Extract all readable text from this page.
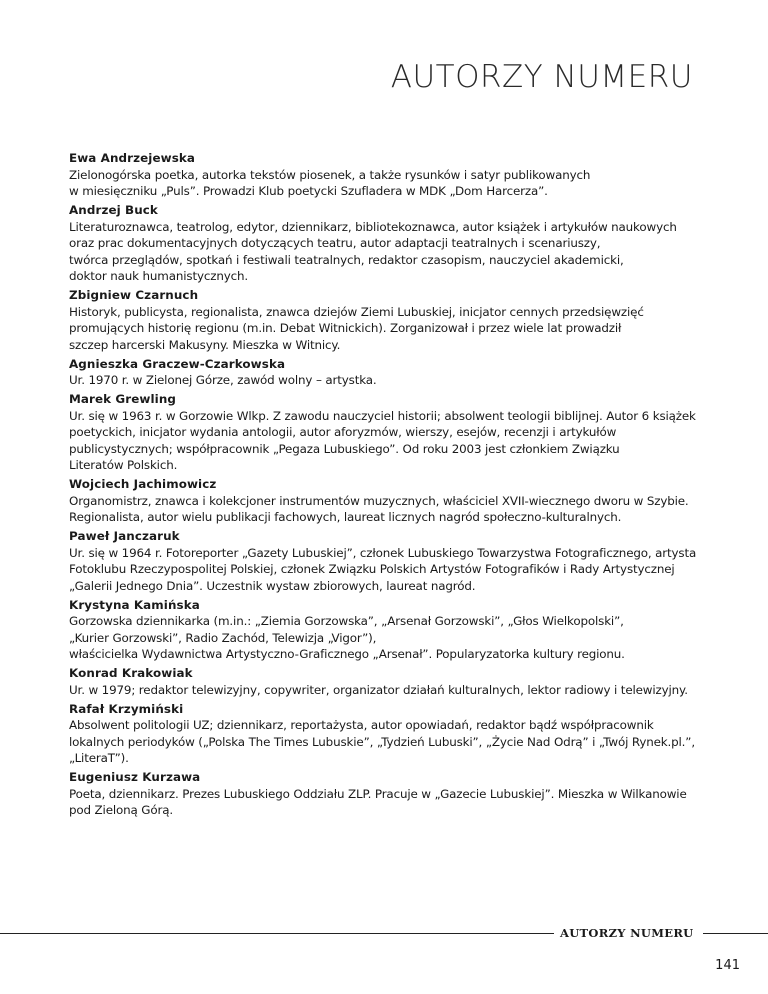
AUTORZY NUMERU
Ewa Andrzejewska
Zielonogórska poetka, autorka tekstów piosenek, a także rysunków i satyr publikowanych
w miesięczniku „Puls”. Prowadzi Klub poetycki Szufladera w MDK „Dom Harcerza”.
Andrzej Buck
Literaturoznawca, teatrolog, edytor, dziennikarz, bibliotekoznawca, autor książek i artykułów naukowych
oraz prac dokumentacyjnych dotyczących teatru, autor adaptacji teatralnych i scenariuszy,
twórca przeglądów, spotkań i festiwali teatralnych, redaktor czasopism, nauczyciel akademicki,
doktor nauk humanistycznych.
Zbigniew Czarnuch
Historyk, publicysta, regionalista, znawca dziejów Ziemi Lubuskiej, inicjator cennych przedsięwzięć
promujących historię regionu (m.in. Debat Witnickich). Zorganizował i przez wiele lat prowadził
szczep harcerski Makusyny. Mieszka w Witnicy.
Agnieszka Graczew-Czarkowska
Ur. 1970 r. w Zielonej Górze, zawód wolny – artystka.
Marek Grewling
Ur. się w 1963 r. w Gorzowie Wlkp. Z zawodu nauczyciel historii; absolwent teologii biblijnej. Autor 6 książek
poetyckich, inicjator wydania antologii, autor aforyzmów, wierszy, esejów, recenzji i artykułów
publicystycznych; współpracownik „Pegaza Lubuskiego”. Od roku 2003 jest członkiem Związku
Literatów Polskich.
Wojciech Jachimowicz
Organomistrz, znawca i kolekcjoner instrumentów muzycznych, właściciel XVII-wiecznego dworu w Szybie.
Regionalista, autor wielu publikacji fachowych, laureat licznych nagród społeczno-kulturalnych.
Paweł Janczaruk
Ur. się w 1964 r. Fotoreporter „Gazety Lubuskiej”, członek Lubuskiego Towarzystwa Fotograficznego, artysta
Fotoklubu Rzeczypospolitej Polskiej, członek Związku Polskich Artystów Fotografików i Rady Artystycznej
„Galerii Jednego Dnia”. Uczestnik wystaw zbiorowych, laureat nagród.
Krystyna Kamińska
Gorzowska dziennikarka (m.in.: „Ziemia Gorzowska”, „Arsenał Gorzowski”, „Głos Wielkopolski”,
„Kurier Gorzowski”, Radio Zachód, Telewizja „Vigor”),
właścicielka Wydawnictwa Artystyczno-Graficznego „Arsenał”. Popularyzatorka kultury regionu.
Konrad Krakowiak
Ur. w 1979; redaktor telewizyjny, copywriter, organizator działań kulturalnych, lektor radiowy i telewizyjny.
Rafał Krzymiński
Absolwent politologii UZ; dziennikarz, reportażysta, autor opowiadań, redaktor bądź współpracownik
lokalnych periodyków („Polska The Times Lubuskie”, „Tydzień Lubuski”, „Życie Nad Odrą” i „Twój Rynek.pl.”,
„LiteraT”).
Eugeniusz Kurzawa
Poeta, dziennikarz. Prezes Lubuskiego Oddziału ZLP. Pracuje w „Gazecie Lubuskiej”. Mieszka w Wilkanowie
pod Zieloną Górą.
AUTORZY NUMERU
141
